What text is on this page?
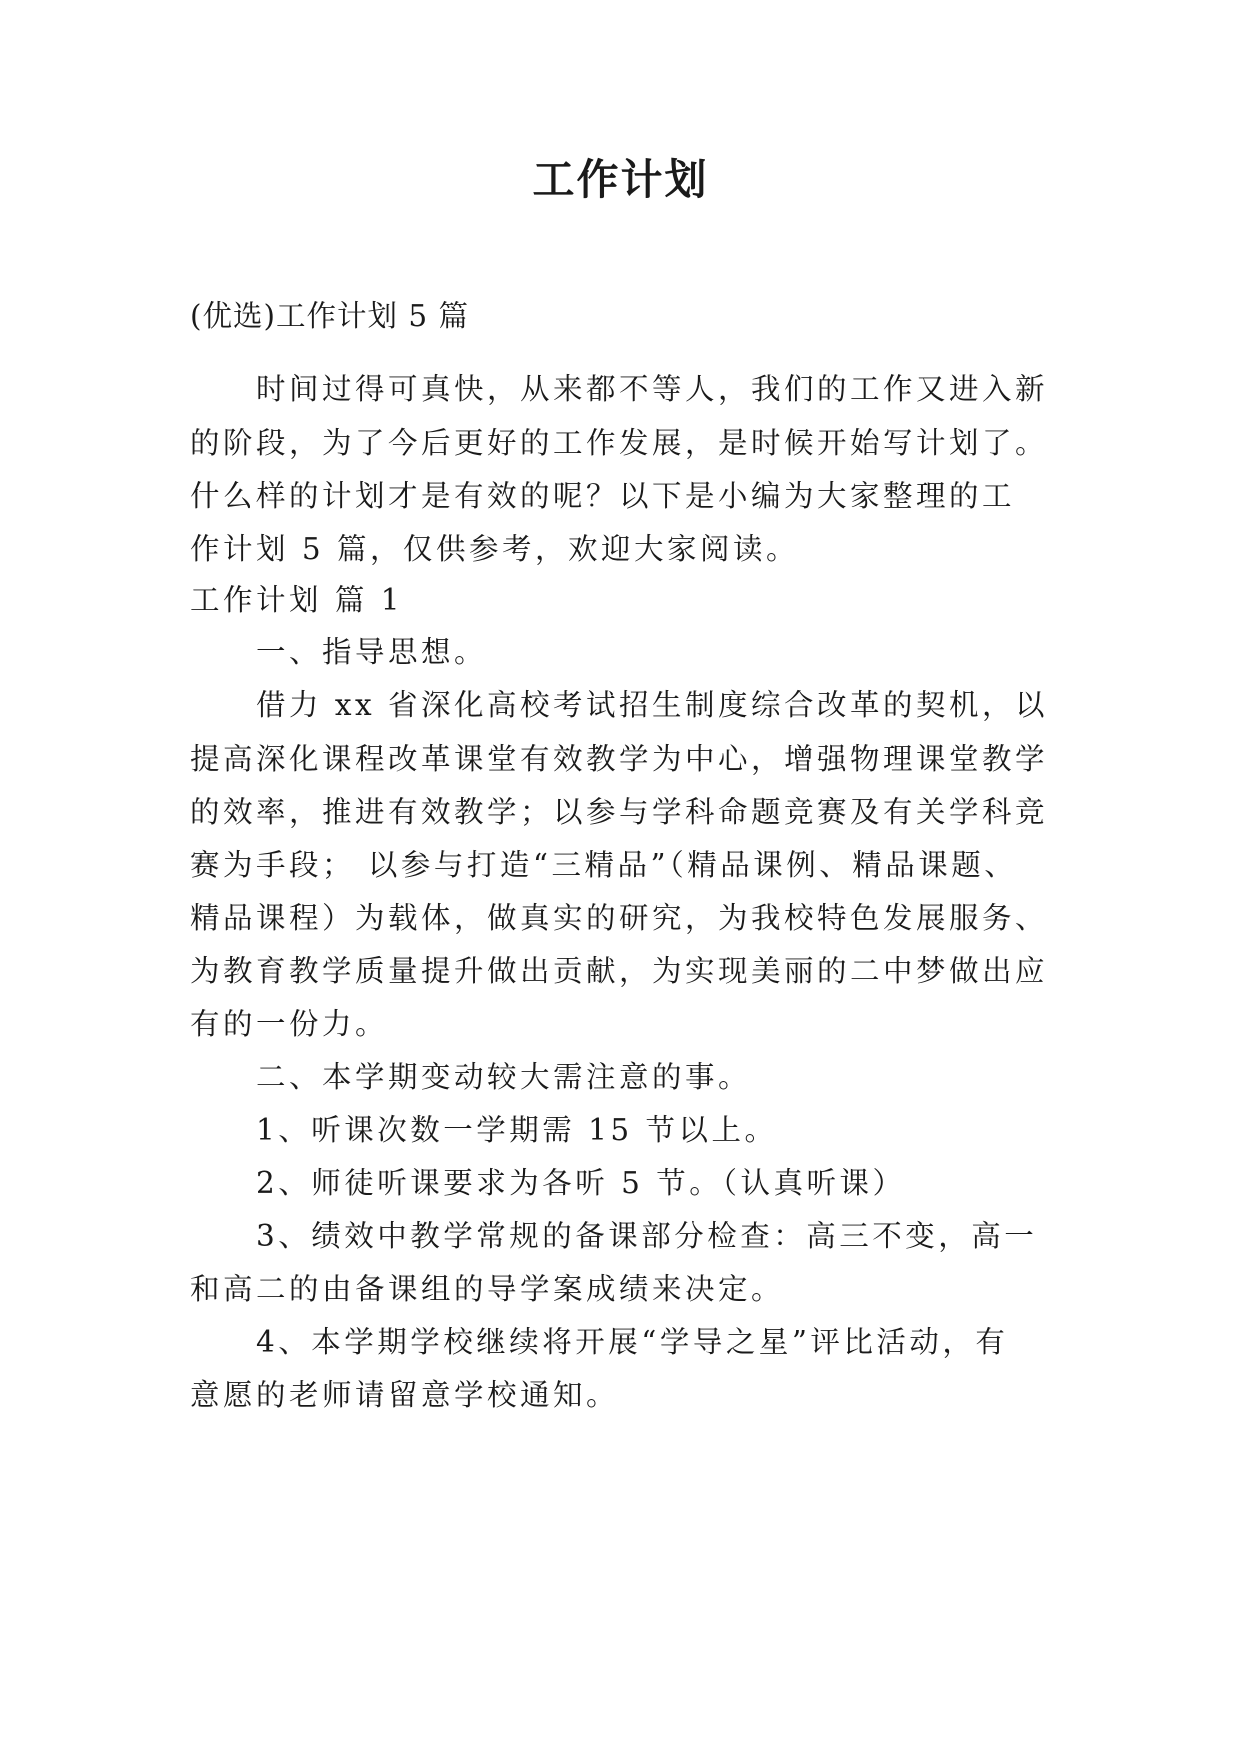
工作计划

(优选)工作计划 5 篇

时间过得可真快，从来都不等人，我们的工作又进入新

的阶段，为了今后更好的工作发展，是时候开始写计划了。

什么样的计划才是有效的呢？以下是小编为大家整理的工

作计划 5 篇，仅供参考，欢迎大家阅读。

工作计划 篇 1

一、指导思想。

借力 xx 省深化高校考试招生制度综合改革的契机，以

提高深化课程改革课堂有效教学为中心，增强物理课堂教学

的效率，推进有效教学；以参与学科命题竞赛及有关学科竞

赛为手段； 以参与打造“三精品”（精品课例、精品课题、

精品课程）为载体，做真实的研究，为我校特色发展服务、

为教育教学质量提升做出贡献，为实现美丽的二中梦做出应

有的一份力。

二、本学期变动较大需注意的事。

1、听课次数一学期需 15 节以上。

2、师徒听课要求为各听 5 节。（认真听课）

3、绩效中教学常规的备课部分检查：高三不变，高一

和高二的由备课组的导学案成绩来决定。

4、本学期学校继续将开展“学导之星”评比活动，有

意愿的老师请留意学校通知。
